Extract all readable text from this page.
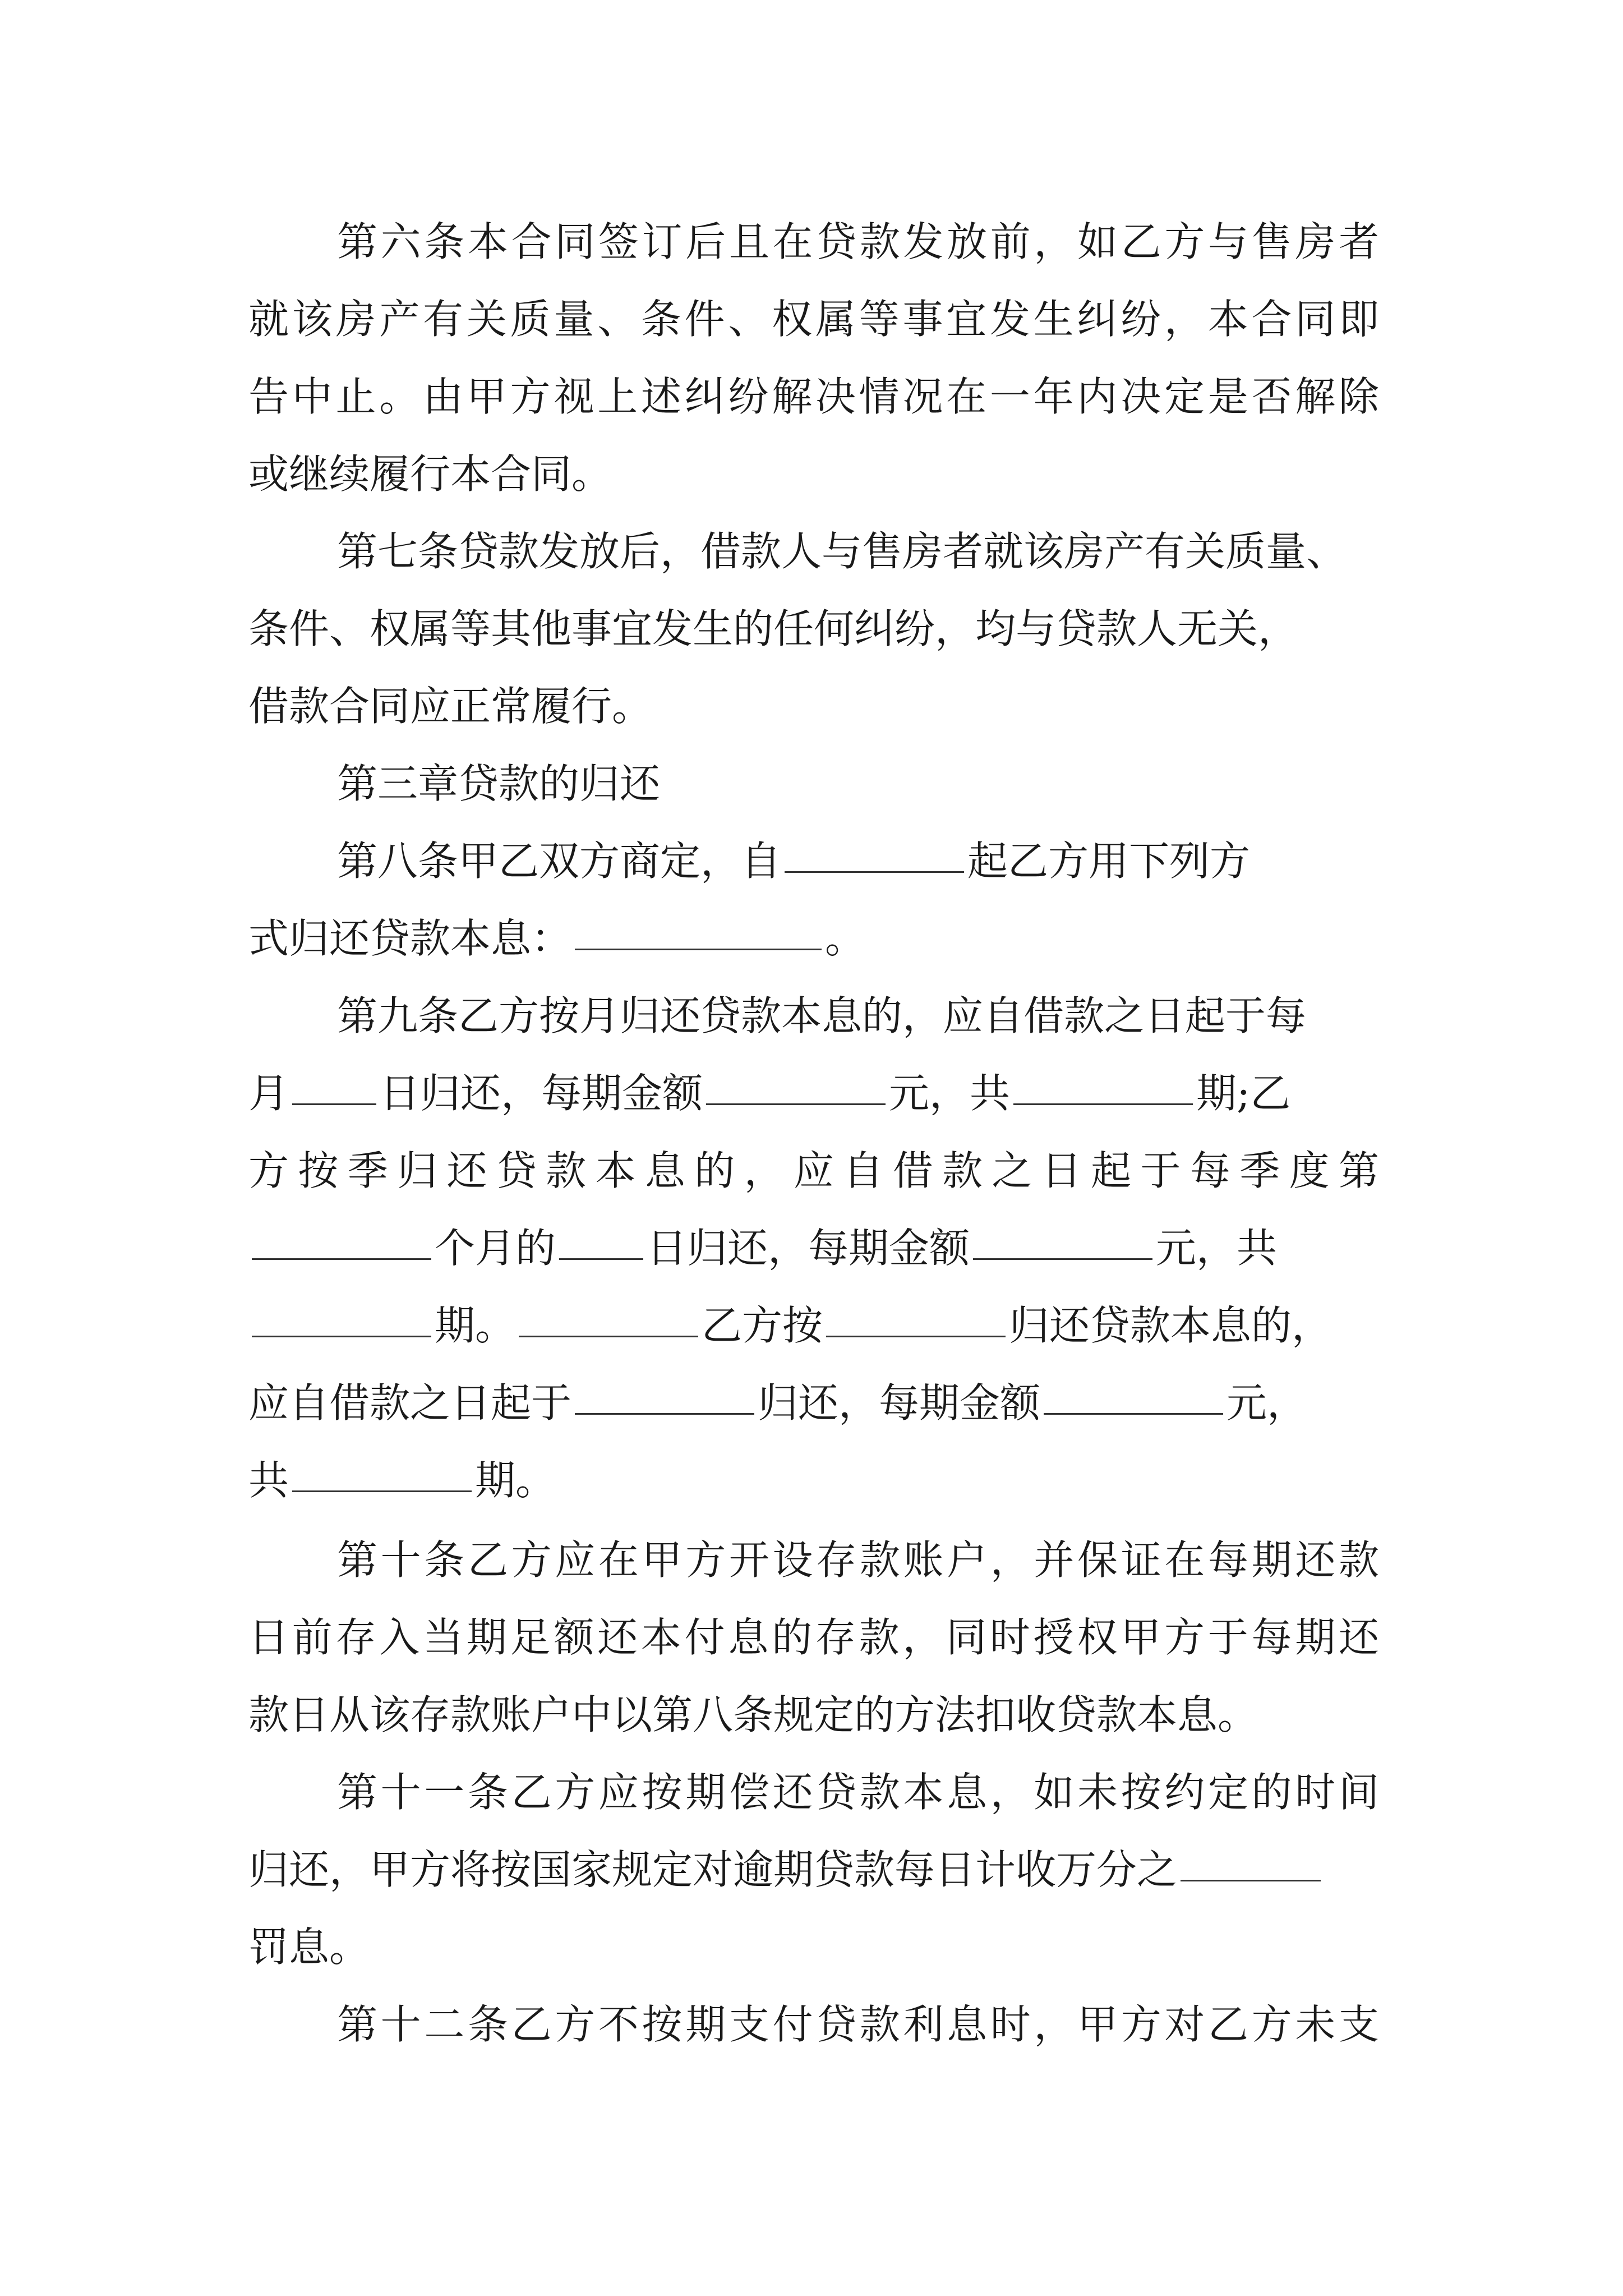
第六条本合同签订后且在贷款发放前，如乙方与售房者
就该房产有关质量、条件、权属等事宜发生纠纷，本合同即
告中止。由甲方视上述纠纷解决情况在一年内决定是否解除
或继续履行本合同。
第七条贷款发放后，借款人与售房者就该房产有关质量、
条件、权属等其他事宜发生的任何纠纷，均与贷款人无关，
借款合同应正常履行。
第三章贷款的归还
第八条甲乙双方商定，自	起乙方用下列方
式归还贷款本息：	。
第九条乙方按月归还贷款本息的，应自借款之日起于每
月 日归还，每期金额	元，共	期;乙
方按季归还贷款本息的，应自借款之日起于每季度第
个月的 日归还，每期金额	元，共
期。	乙方按	归还贷款本息的，
应自借款之日起于	归还，每期金额	元，
共	期。
第十条乙方应在甲方开设存款账户，并保证在每期还款
日前存入当期足额还本付息的存款，同时授权甲方于每期还
款日从该存款账户中以第八条规定的方法扣收贷款本息。
第十一条乙方应按期偿还贷款本息，如未按约定的时间
归还，甲方将按国家规定对逾期贷款每日计收万分之
罚息。
第十二条乙方不按期支付贷款利息时，甲方对乙方未支
